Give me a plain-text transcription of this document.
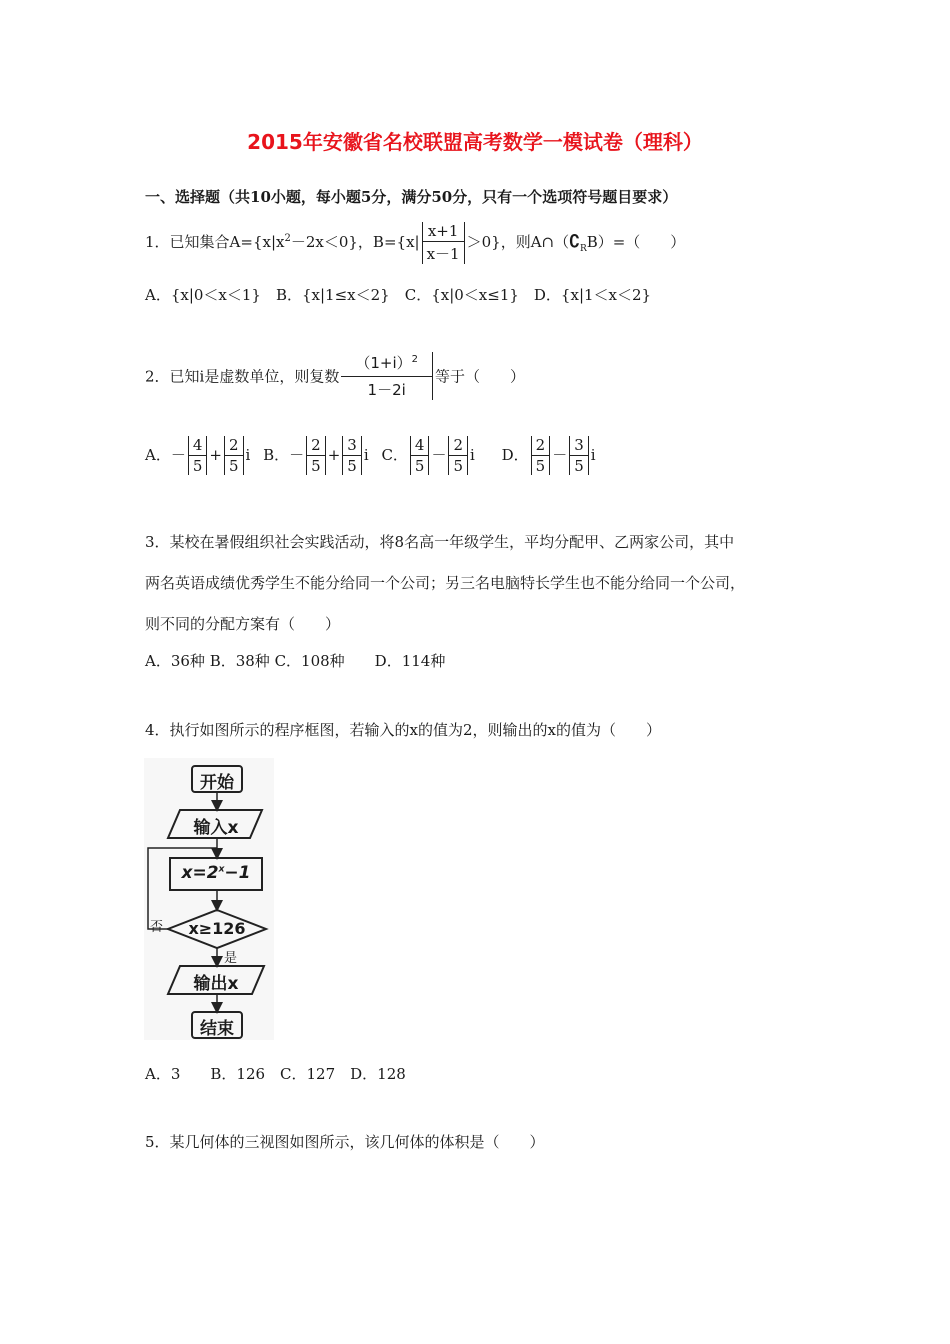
2015年安徽省名校联盟高考数学一模试卷（理科）
一、选择题（共10小题，每小题5分，满分50分，只有一个选项符号题目要求）
1．已知集合$A=\{x|x^2-2x<0\}$，$B=\{x| \frac{x+1}{x-1} >0\}$，则$A\cap(∁_RB)=$（　　）
A．{x|0＜x＜1}　B．{x|1≤x＜2}　C．{x|0＜x≤1}　D．{x|1＜x＜2}
2．已知i是虚数单位，则复数 $\frac{(1+i)^2}{1-2i}$ 等于（　　）
A．－ $\frac{4}{5} + \frac{2}{5}$ i B．－ $\frac{2}{5} + \frac{3}{5}$ i C． $\frac{4}{5} - \frac{2}{5}$ i D． $\frac{2}{5} - \frac{3}{5}$ i
3．某校在暑假组织社会实践活动，将8名高一年级学生，平均分配甲、乙两家公司，其中
两名英语成绩优秀学生不能分给同一个公司；另三名电脑特长学生也不能分给同一个公司，
则不同的分配方案有（　　）
A．36种 B．38种 C．108种　　D．114种
4．执行如图所示的程序框图，若输入的x的值为2，则输出的x的值为（　　）
开始
输入x
$x=2^x-1$
x≥126
否
是
输出x
结束
A．3　　B．126　C．127　D．128
5．某几何体的三视图如图所示，该几何体的体积是（　　）
